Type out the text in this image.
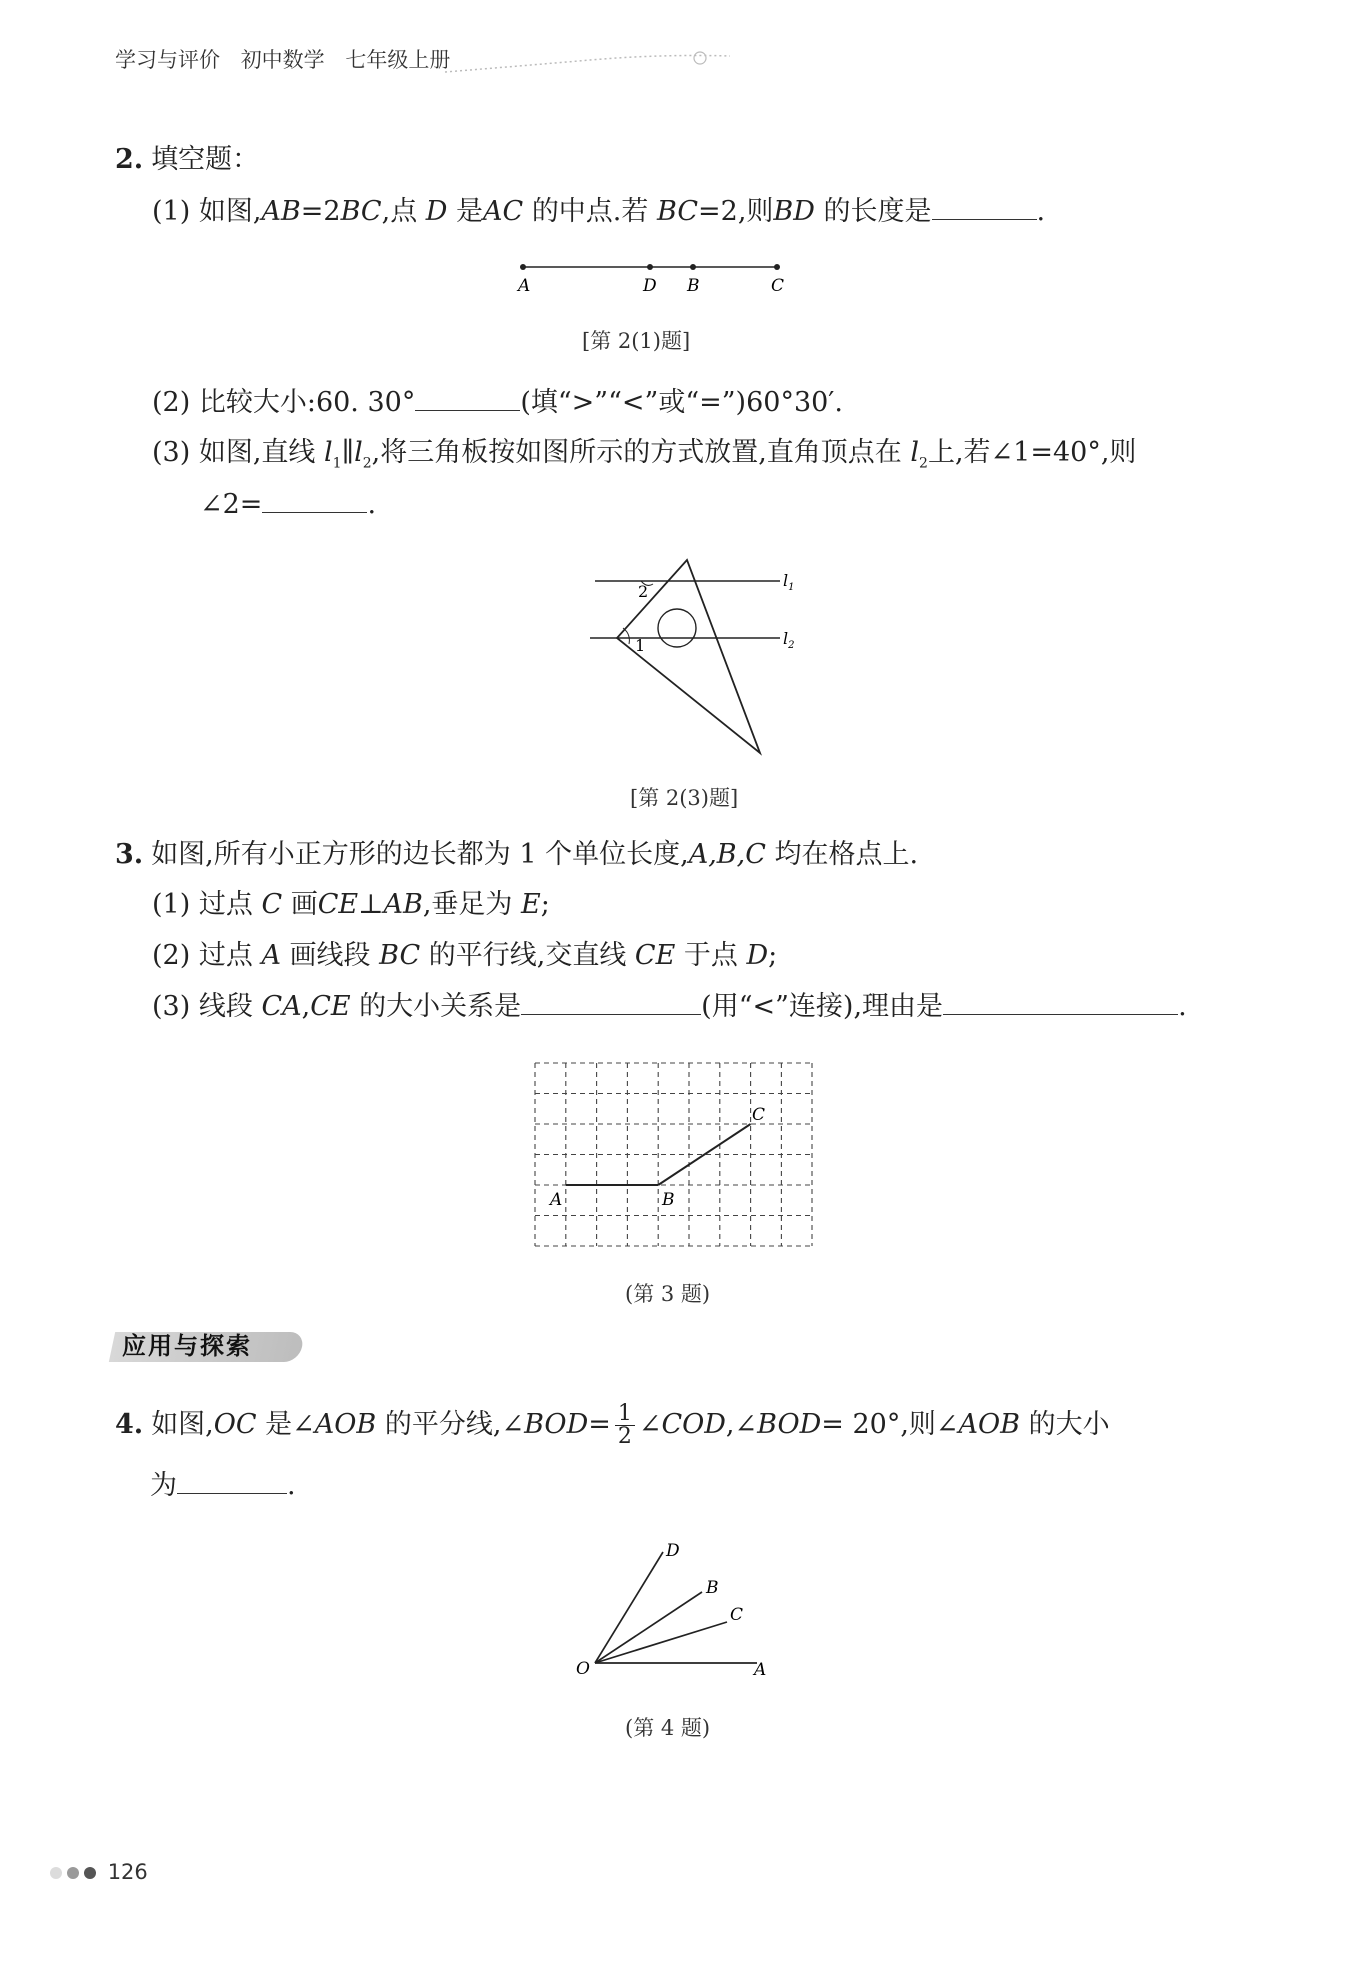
学习与评价 初中数学 七年级上册
2. 填空题：
(1) 如图,AB=2BC,点 D 是AC 的中点.若 BC=2,则BD 的长度是	.
A	D B	C
[第 2(1)题]
(2) 比较大小:60. 30°	(填“>”“<”或“=”)60°30′.
(3) 如图,直线 $l_1\parallel l_2$,将三角板按如图所示的方式放置,直角顶点在 $l_2$上,若∠1=40°,则
∠2=	.
1
2
$l_1$
$l_2$
[第 2(3)题]
3. 如图,所有小正方形的边长都为 1 个单位长度,A,B,C 均在格点上.
(1) 过点 C 画CE⊥AB,垂足为 E;
(2) 过点 A 画线段 BC 的平行线,交直线 CE 于点 D;
(3) 线段 CA,CE 的大小关系是	(用“<”连接),理由是	.
A	B
C
(第 3 题)
应用与探索
4. 如图,OC 是∠AOB 的平分线,∠BOD= $\frac{1}{2}$ ∠COD,∠BOD= 20°,则∠AOB 的大小
为	.
O	A
C
B
D
(第 4 题)
126
